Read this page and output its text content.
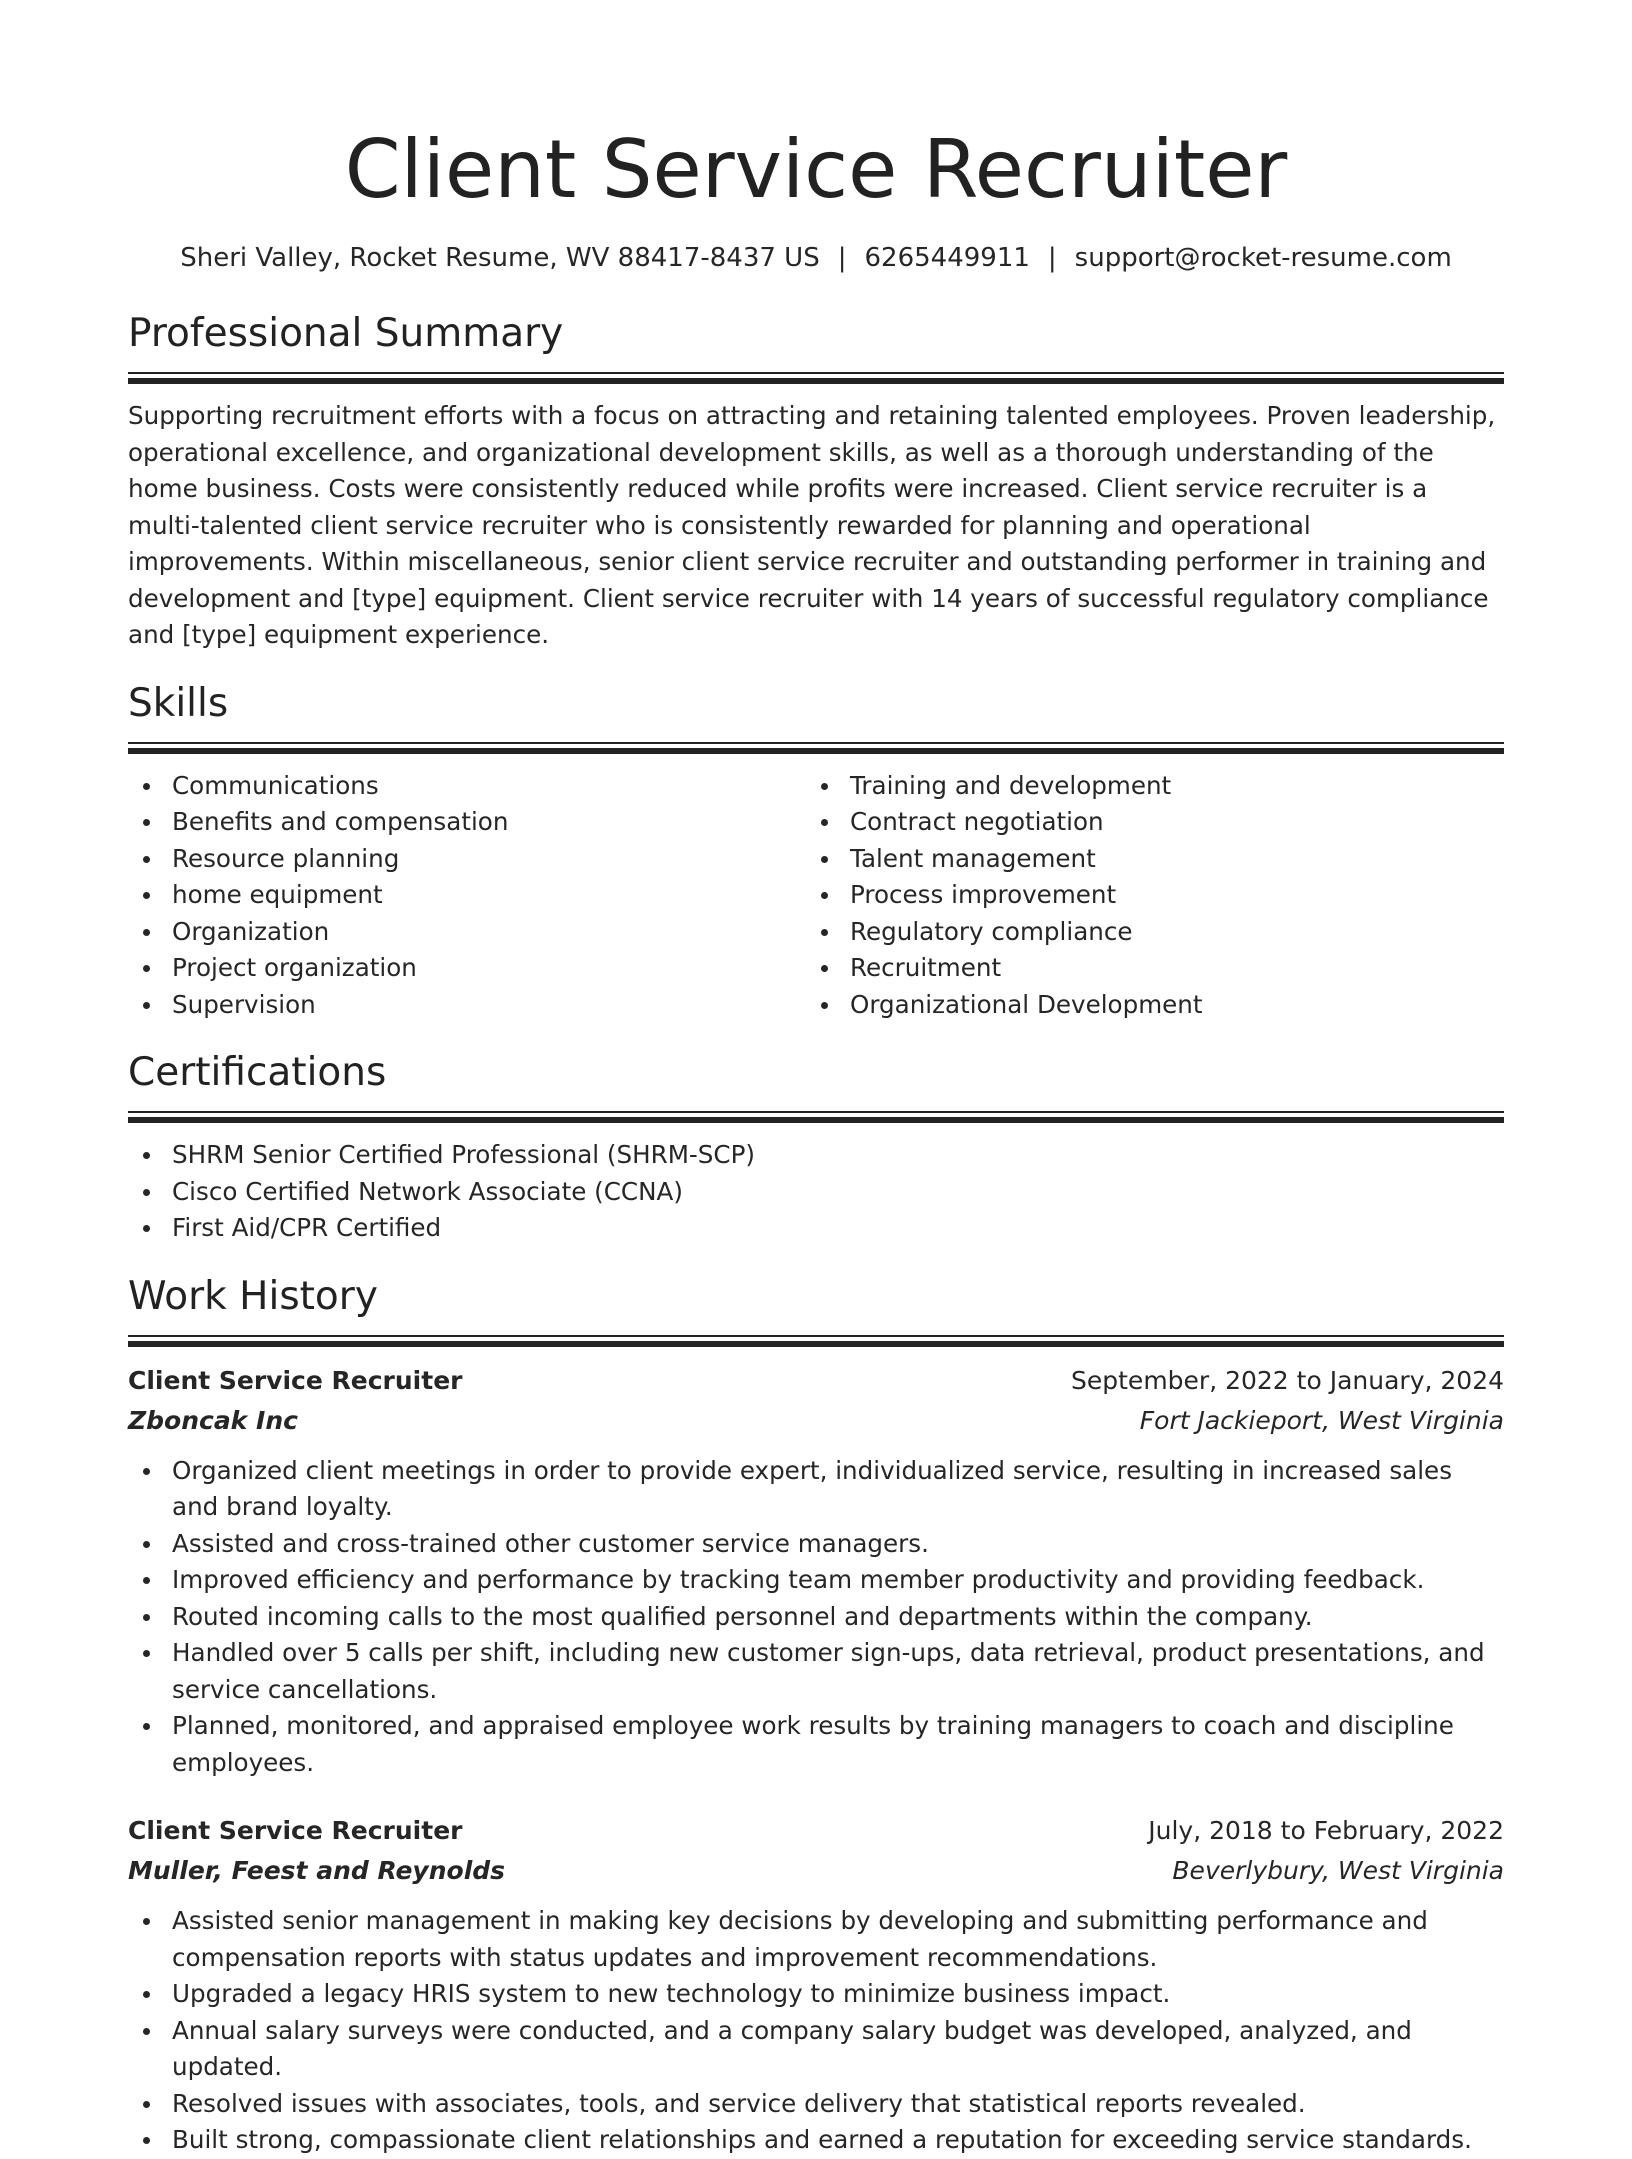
Client Service Recruiter
Sheri Valley, Rocket Resume, WV 88417-8437 US | 6265449911 | support@rocket-resume.com
Professional Summary
Supporting recruitment efforts with a focus on attracting and retaining talented employees. Proven leadership, operational excellence, and organizational development skills, as well as a thorough understanding of the home business. Costs were consistently reduced while profits were increased. Client service recruiter is a multi-talented client service recruiter who is consistently rewarded for planning and operational improvements. Within miscellaneous, senior client service recruiter and outstanding performer in training and development and [type] equipment. Client service recruiter with 14 years of successful regulatory compliance and [type] equipment experience.
Skills
Communications
Benefits and compensation
Resource planning
home equipment
Organization
Project organization
Supervision
Training and development
Contract negotiation
Talent management
Process improvement
Regulatory compliance
Recruitment
Organizational Development
Certifications
SHRM Senior Certified Professional (SHRM-SCP)
Cisco Certified Network Associate (CCNA)
First Aid/CPR Certified
Work History
Client Service Recruiter	September, 2022 to January, 2024
Zboncak Inc	Fort Jackieport, West Virginia
Organized client meetings in order to provide expert, individualized service, resulting in increased sales and brand loyalty.
Assisted and cross-trained other customer service managers.
Improved efficiency and performance by tracking team member productivity and providing feedback.
Routed incoming calls to the most qualified personnel and departments within the company.
Handled over 5 calls per shift, including new customer sign-ups, data retrieval, product presentations, and service cancellations.
Planned, monitored, and appraised employee work results by training managers to coach and discipline employees.
Client Service Recruiter	July, 2018 to February, 2022
Muller, Feest and Reynolds	Beverlybury, West Virginia
Assisted senior management in making key decisions by developing and submitting performance and compensation reports with status updates and improvement recommendations.
Upgraded a legacy HRIS system to new technology to minimize business impact.
Annual salary surveys were conducted, and a company salary budget was developed, analyzed, and updated.
Resolved issues with associates, tools, and service delivery that statistical reports revealed.
Built strong, compassionate client relationships and earned a reputation for exceeding service standards.
